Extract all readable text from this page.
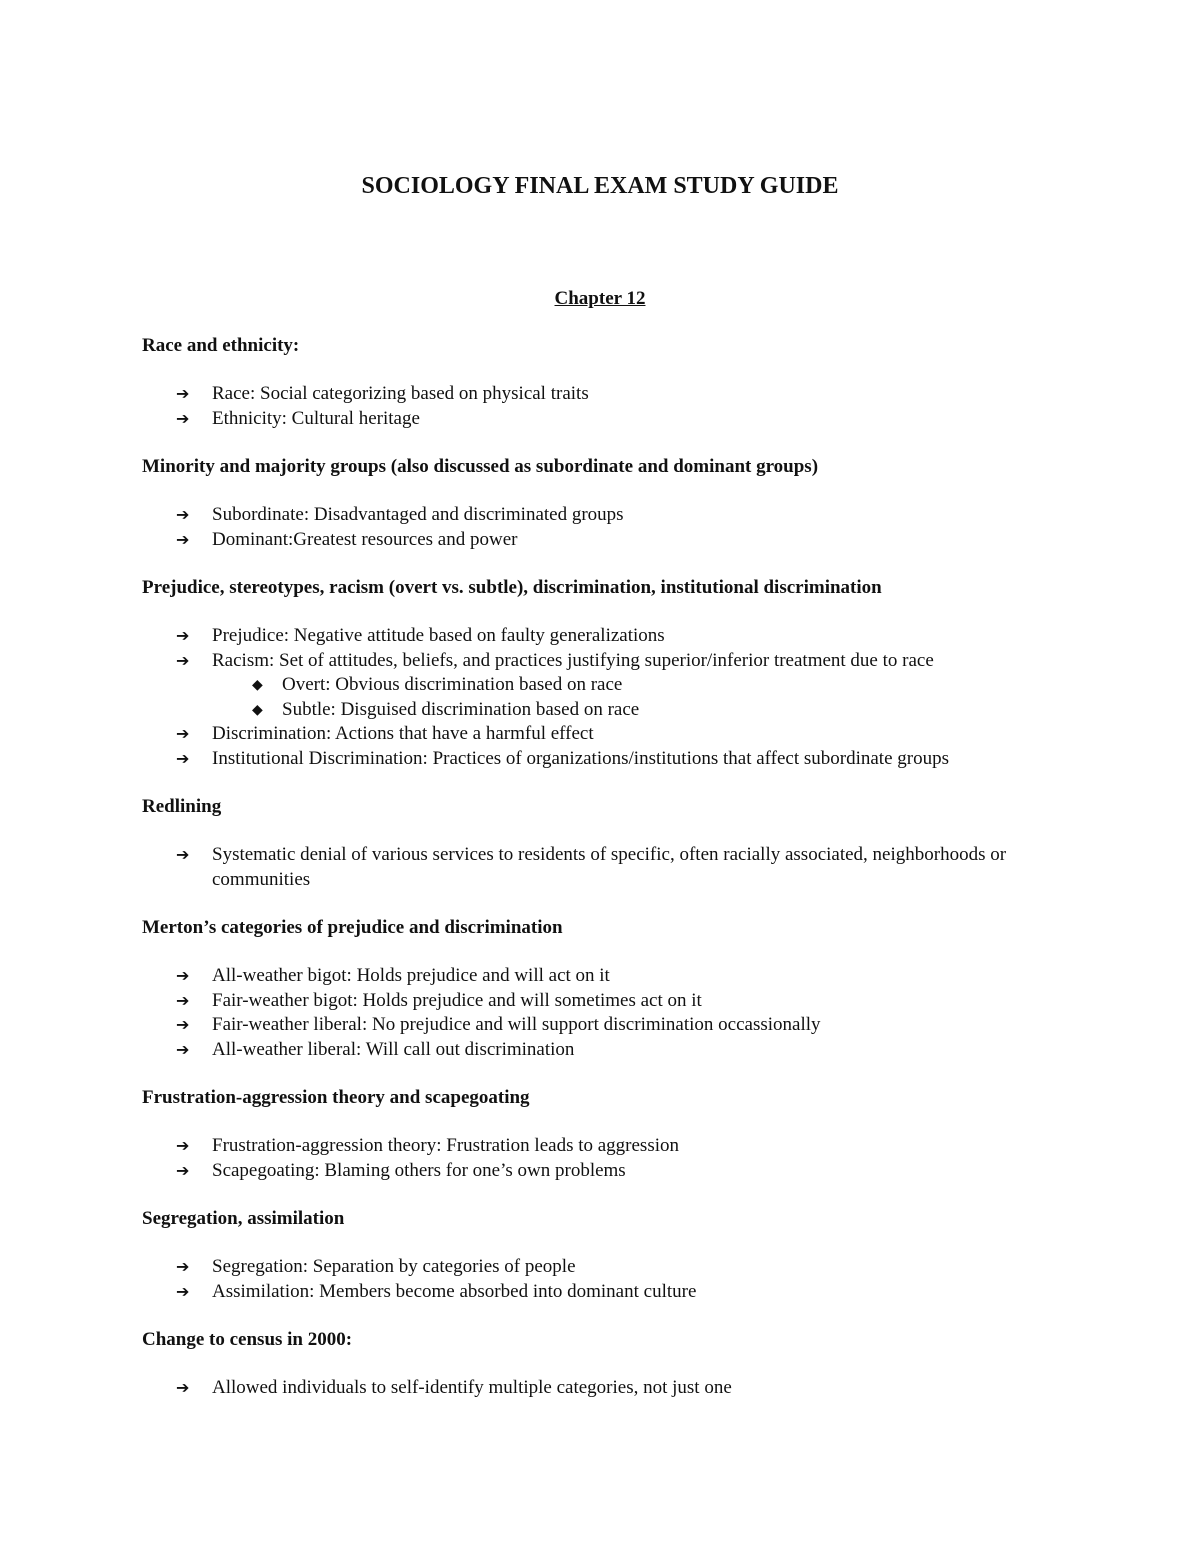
SOCIOLOGY FINAL EXAM STUDY GUIDE
Chapter 12
Race and ethnicity:
➔ Race: Social categorizing based on physical traits
➔ Ethnicity: Cultural heritage
Minority and majority groups (also discussed as subordinate and dominant groups)
➔ Subordinate: Disadvantaged and discriminated groups
➔ Dominant:Greatest resources and power
Prejudice, stereotypes, racism (overt vs. subtle), discrimination, institutional discrimination
➔ Prejudice: Negative attitude based on faulty generalizations
➔ Racism: Set of attitudes, beliefs, and practices justifying superior/inferior treatment due to race
◆ Overt: Obvious discrimination based on race
◆ Subtle: Disguised discrimination based on race
➔ Discrimination: Actions that have a harmful effect
➔ Institutional Discrimination: Practices of organizations/institutions that affect subordinate groups
Redlining
➔ Systematic denial of various services to residents of specific, often racially associated, neighborhoods or communities
Merton’s categories of prejudice and discrimination
➔ All-weather bigot: Holds prejudice and will act on it
➔ Fair-weather bigot: Holds prejudice and will sometimes act on it
➔ Fair-weather liberal: No prejudice and will support discrimination occassionally
➔ All-weather liberal: Will call out discrimination
Frustration-aggression theory and scapegoating
➔ Frustration-aggression theory: Frustration leads to aggression
➔ Scapegoating: Blaming others for one’s own problems
Segregation, assimilation
➔ Segregation: Separation by categories of people
➔ Assimilation: Members become absorbed into dominant culture
Change to census in 2000:
➔ Allowed individuals to self-identify multiple categories, not just one
